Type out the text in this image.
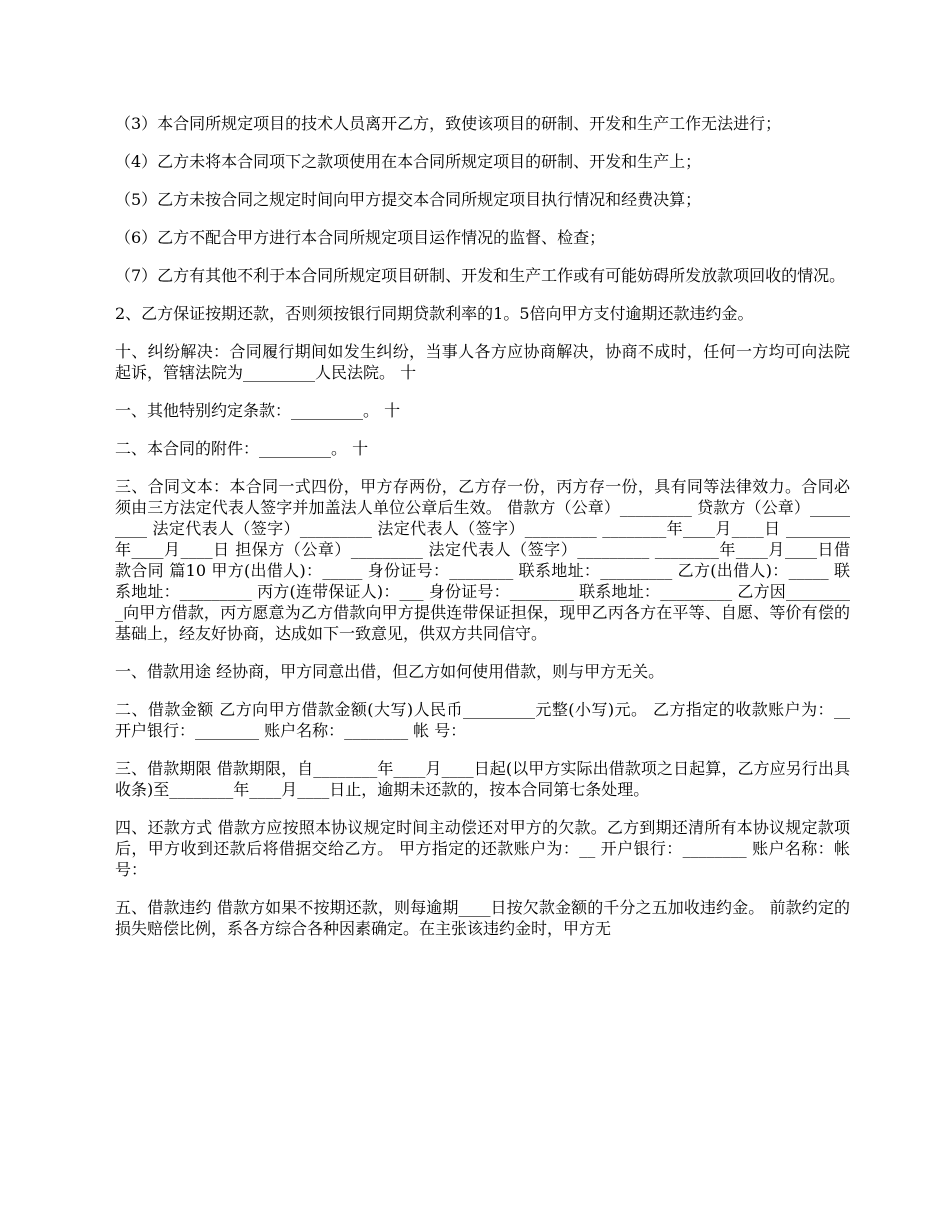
（3）本合同所规定项目的技术人员离开乙方，致使该项目的研制、开发和生产工作无法进行；

（4）乙方未将本合同项下之款项使用在本合同所规定项目的研制、开发和生产上；

（5）乙方未按合同之规定时间向甲方提交本合同所规定项目执行情况和经费决算；

（6）乙方不配合甲方进行本合同所规定项目运作情况的监督、检查；

（7）乙方有其他不利于本合同所规定项目研制、开发和生产工作或有可能妨碍所发放款项回收的情况。

2、乙方保证按期还款，否则须按银行同期贷款利率的1。5倍向甲方支付逾期还款违约金。

十、纠纷解决：合同履行期间如发生纠纷，当事人各方应协商解决，协商不成时，任何一方均可向法院起诉，管辖法院为_________人民法院。 十

一、其他特别约定条款：_________。 十

二、本合同的附件：_________。 十

三、合同文本：本合同一式四份，甲方存两份，乙方存一份，丙方存一份，具有同等法律效力。合同必须由三方法定代表人签字并加盖法人单位公章后生效。 借款方（公章）_________ 贷款方（公章）_________ 法定代表人（签字）_________ 法定代表人（签字）_________ ________年____月____日 ________年____月____日 担保方（公章）_________ 法定代表人（签字）_________ ________年____月____日借款合同 篇10 甲方(出借人)：_____ 身份证号：________ 联系地址：_________ 乙方(出借人)：_____ 联系地址：_________ 丙方(连带保证人)：___ 身份证号：________ 联系地址：_________ 乙方因_________向甲方借款，丙方愿意为乙方借款向甲方提供连带保证担保，现甲乙丙各方在平等、自愿、等价有偿的基础上，经友好协商，达成如下一致意见，供双方共同信守。

一、借款用途 经协商，甲方同意出借，但乙方如何使用借款，则与甲方无关。

二、借款金额 乙方向甲方借款金额(大写)人民币_________元整(小写)元。 乙方指定的收款账户为：__ 开户银行：________ 账户名称：________ 帐 号：

三、借款期限 借款期限，自________年____月____日起(以甲方实际出借款项之日起算，乙方应另行出具收条)至________年____月____日止，逾期未还款的，按本合同第七条处理。

四、还款方式 借款方应按照本协议规定时间主动偿还对甲方的欠款。乙方到期还清所有本协议规定款项后，甲方收到还款后将借据交给乙方。 甲方指定的还款账户为：__ 开户银行：________ 账户名称：帐 号：

五、借款违约 借款方如果不按期还款，则每逾期____日按欠款金额的千分之五加收违约金。 前款约定的损失赔偿比例，系各方综合各种因素确定。在主张该违约金时，甲方无
